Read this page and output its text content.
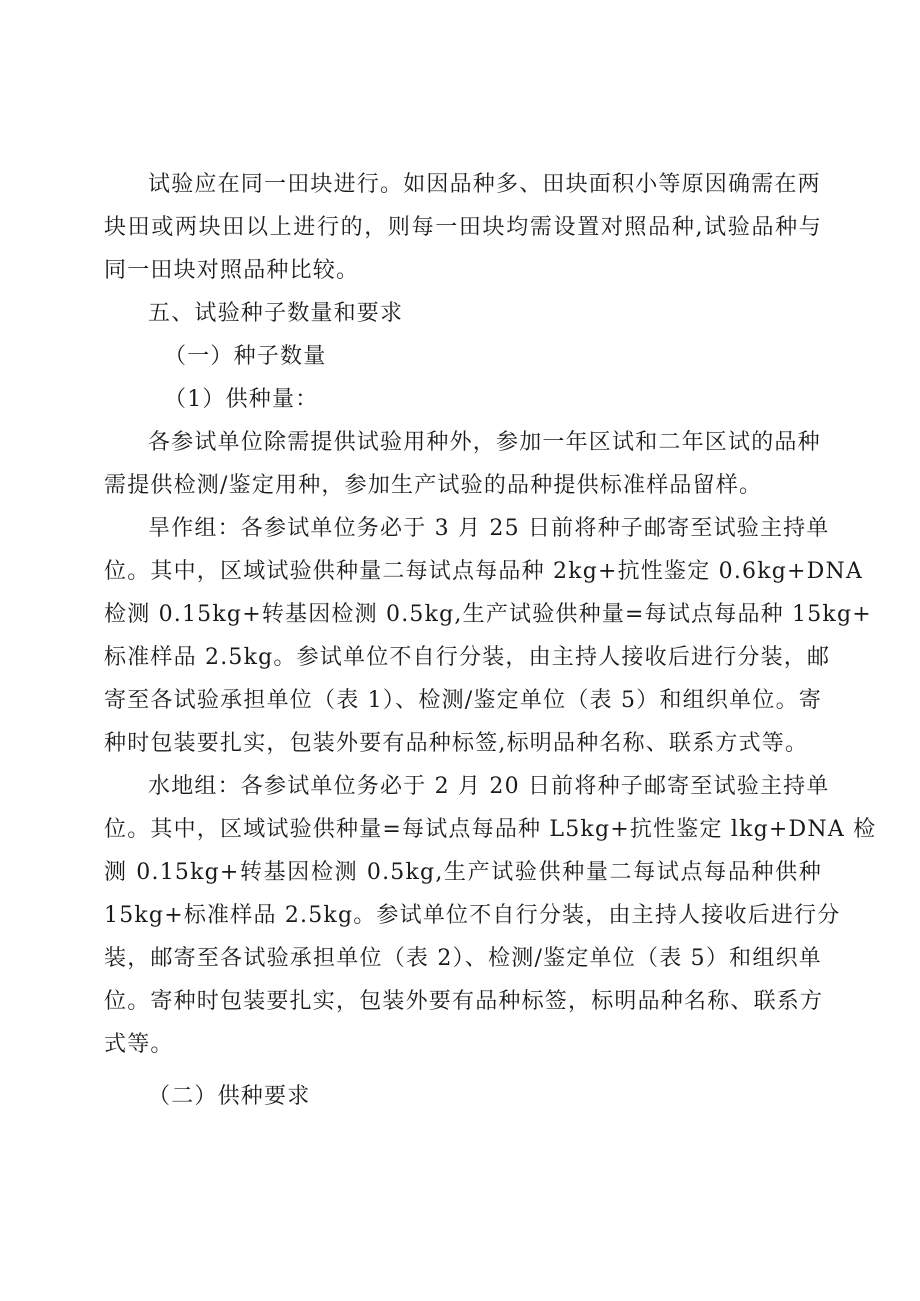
试验应在同一田块进行。如因品种多、田块面积小等原因确需在两
块田或两块田以上进行的，则每一田块均需设置对照品种,试验品种与
同一田块对照品种比较。
五、试验种子数量和要求
（一）种子数量
（1）供种量：
各参试单位除需提供试验用种外，参加一年区试和二年区试的品种
需提供检测/鉴定用种，参加生产试验的品种提供标准样品留样。
旱作组：各参试单位务必于 3 月 25 日前将种子邮寄至试验主持单
位。其中，区域试验供种量二每试点每品种 2kg+抗性鉴定 0.6kg+DNA
检测 0.15kg+转基因检测 0.5kg,生产试验供种量=每试点每品种 15kg+
标准样品 2.5kg。参试单位不自行分装，由主持人接收后进行分装，邮
寄至各试验承担单位（表 1）、检测/鉴定单位（表 5）和组织单位。寄
种时包装要扎实，包装外要有品种标签,标明品种名称、联系方式等。
水地组：各参试单位务必于 2 月 20 日前将种子邮寄至试验主持单
位。其中，区域试验供种量=每试点每品种 L5kg+抗性鉴定 lkg+DNA 检
测 0.15kg+转基因检测 0.5kg,生产试验供种量二每试点每品种供种
15kg+标准样品 2.5kg。参试单位不自行分装，由主持人接收后进行分
装，邮寄至各试验承担单位（表 2）、检测/鉴定单位（表 5）和组织单
位。寄种时包装要扎实，包装外要有品种标签，标明品种名称、联系方
式等。
（二）供种要求
